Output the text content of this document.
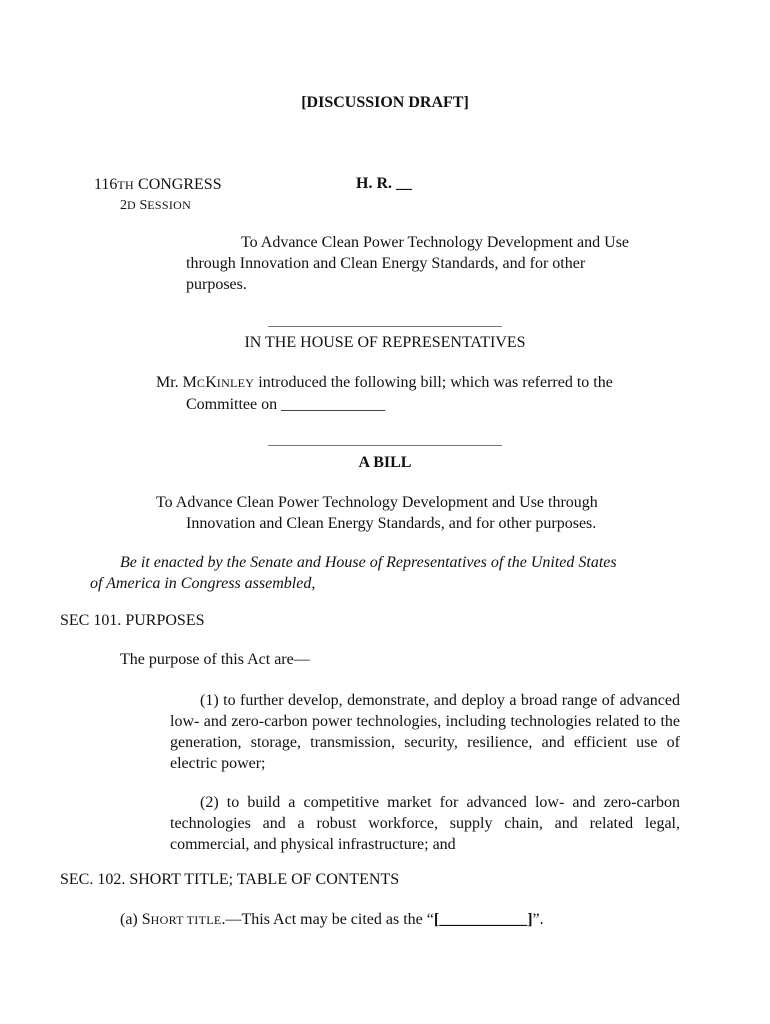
[DISCUSSION DRAFT]
116TH CONGRESS
2D SESSION
H. R. __
To Advance Clean Power Technology Development and Use
through Innovation and Clean Energy Standards, and for other
purposes.
IN THE HOUSE OF REPRESENTATIVES
Mr. MCKINLEY introduced the following bill; which was referred to the
Committee on _____________
A BILL
To Advance Clean Power Technology Development and Use through
Innovation and Clean Energy Standards, and for other purposes.
Be it enacted by the Senate and House of Representatives of the United States
of America in Congress assembled,
SEC 101. PURPOSES
The purpose of this Act are—
(1) to further develop, demonstrate, and deploy a broad range of advanced low- and zero-carbon power technologies, including technologies related to the generation, storage, transmission, security, resilience, and efficient use of electric power;
(2) to build a competitive market for advanced low- and zero-carbon technologies and a robust workforce, supply chain, and related legal, commercial, and physical infrastructure; and
SEC. 102. SHORT TITLE; TABLE OF CONTENTS
(a) SHORT TITLE.—This Act may be cited as the “[___________]”.
